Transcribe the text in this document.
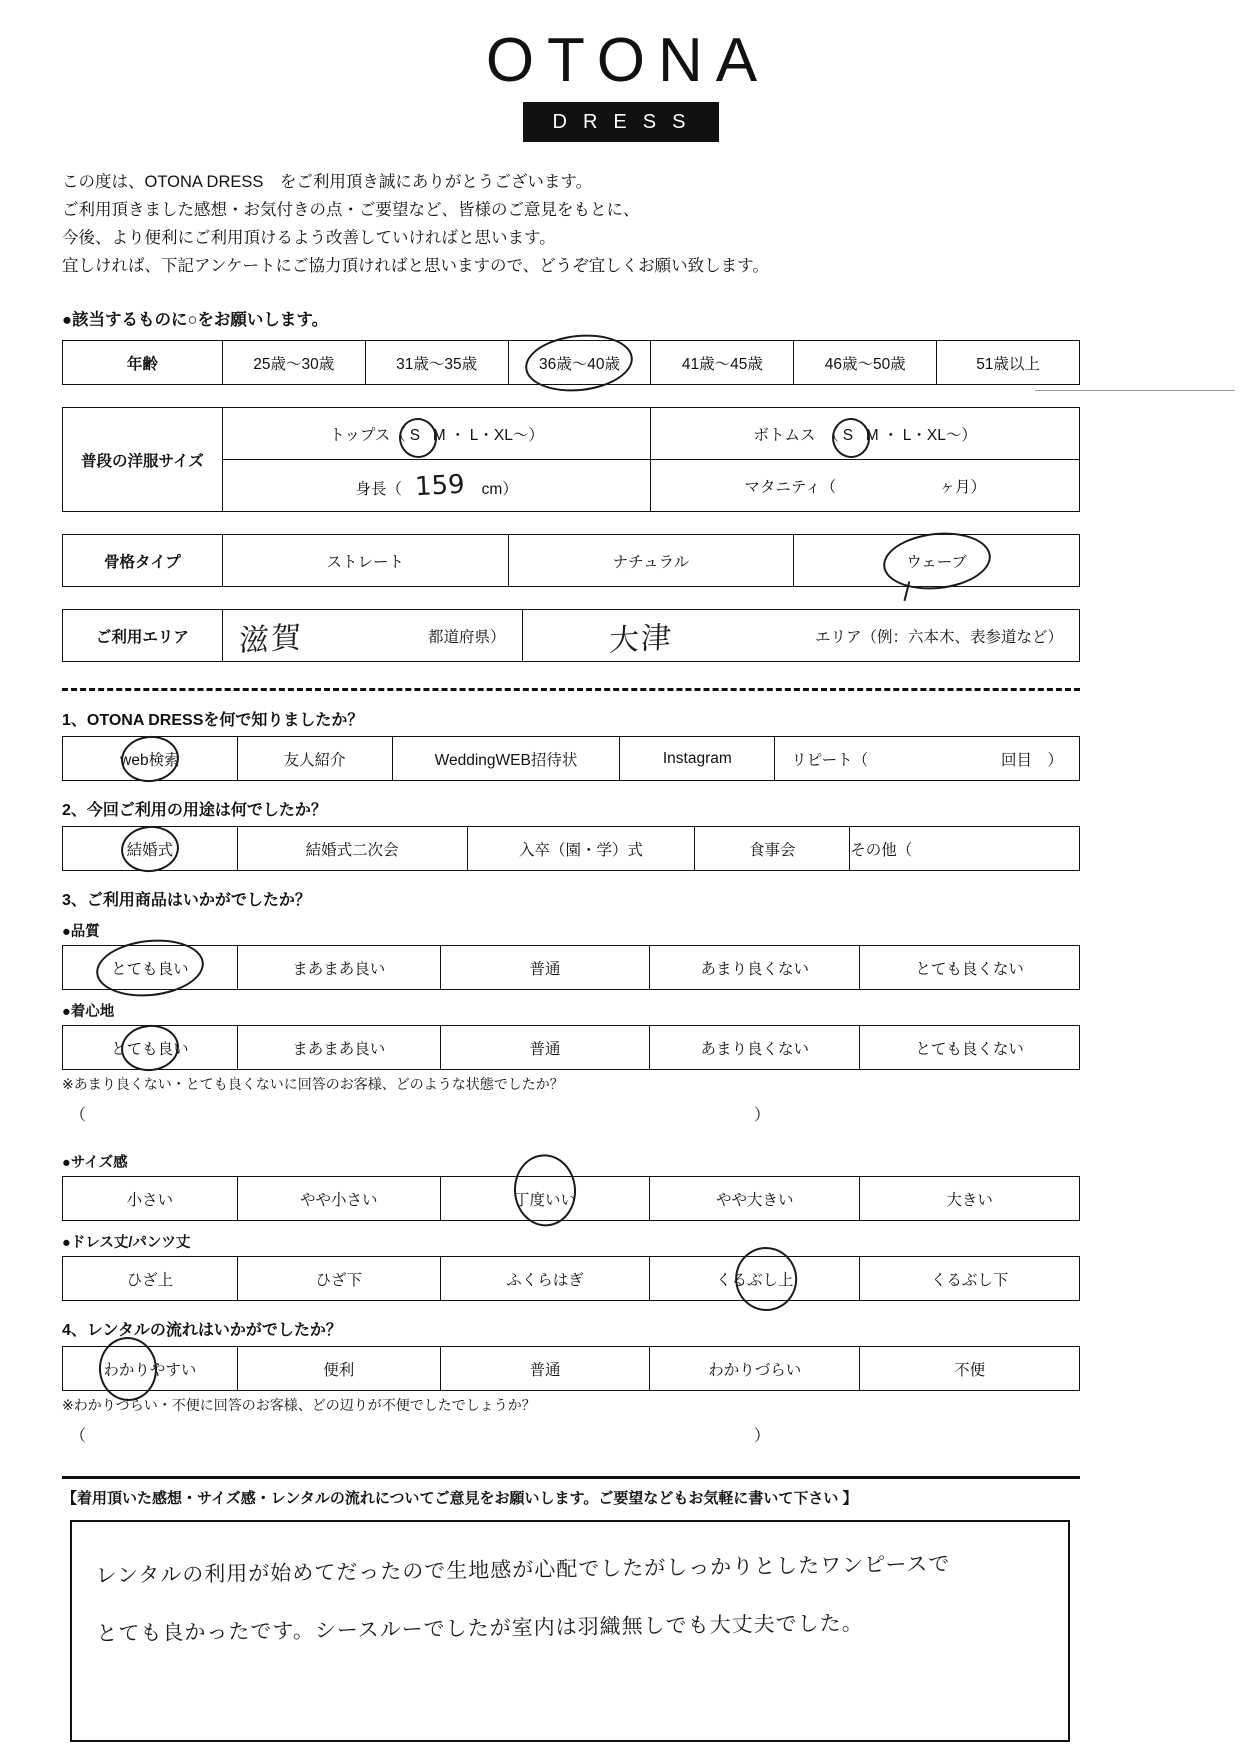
OTONA
DRESS
この度は、OTONA DRESS　をご利用頂き誠にありがとうございます。
ご利用頂きました感想・お気付きの点・ご要望など、皆様のご意見をもとに、
今後、より便利にご利用頂けるよう改善していければと思います。
宜しければ、下記アンケートにご協力頂ければと思いますので、どうぞ宜しくお願い致します。
●該当するものに○をお願いします。
年齢	25歳～30歳	31歳～35歳	36歳～40歳	41歳～45歳	46歳～50歳	51歳以上
普段の洋服サイズ	トップス（ S M ・ L・XL～）	ボトムス　（ S M ・ L・XL～）
	身長（ 159 cm）	マタニティ（ ヶ月）
骨格タイプ	ストレート	ナチュラル	ウェーブ
ご利用エリア	滋賀	都道府県）	大津	エリア（例：六本木、表参道など）
1、OTONA DRESSを何で知りましたか？
web検索	友人紹介	WeddingWEB招待状	Instagram	リピート（	回目　）
2、今回ご利用の用途は何でしたか？
結婚式	結婚式二次会	入卒（園・学）式	食事会	その他（
3、ご利用商品はいかがでしたか？
●品質
とても良い	まあまあ良い	普通	あまり良くない	とても良くない
●着心地
とても良い	まあまあ良い	普通	あまり良くない	とても良くない
※あまり良くない・とても良くないに回答のお客様、どのような状態でしたか？
（	）
●サイズ感
小さい	やや小さい	丁度いい	やや大きい	大きい
●ドレス丈/パンツ丈
ひざ上	ひざ下	ふくらはぎ	くるぶし上	くるぶし下
4、レンタルの流れはいかがでしたか？
わかりやすい	便利	普通	わかりづらい	不便
※わかりづらい・不便に回答のお客様、どの辺りが不便でしたでしょうか？
（	）
【着用頂いた感想・サイズ感・レンタルの流れについてご意見をお願いします。ご要望などもお気軽に書いて下さい 】
レンタルの利用が始めてだったので生地感が心配でしたがしっかりとしたワンピースで
とても良かったです。シースルーでしたが室内は羽織無しでも大丈夫でした。
